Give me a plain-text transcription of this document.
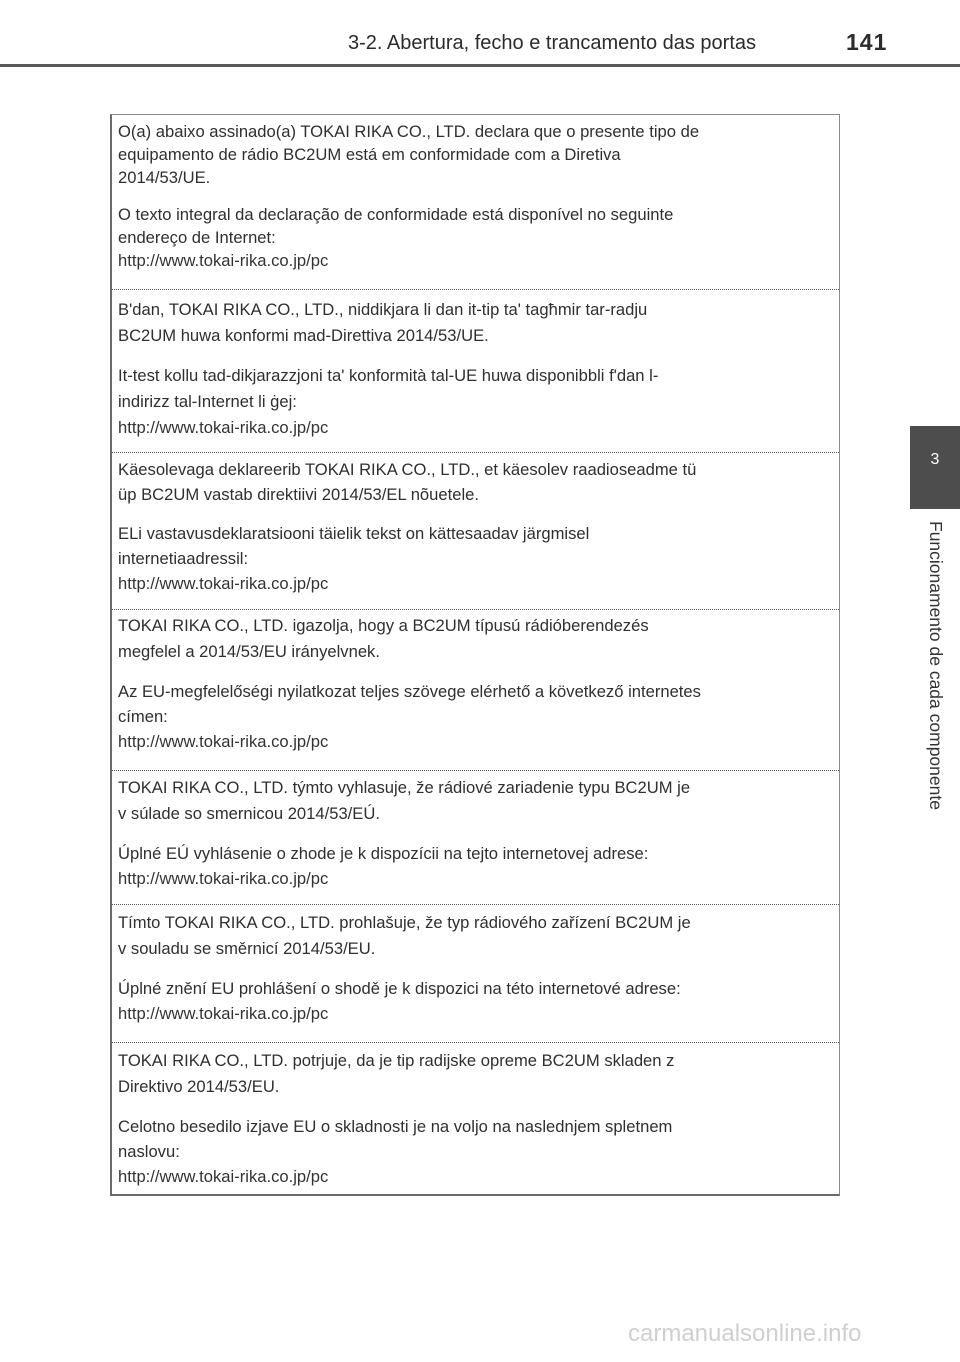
3-2. Abertura, fecho e trancamento das portas	141
3
Funcionamento de cada componente
O(a) abaixo assinado(a) TOKAI RIKA CO., LTD. declara que o presente tipo de
equipamento de rádio BC2UM está em conformidade com a Diretiva
2014/53/UE.
O texto integral da declaração de conformidade está disponível no seguinte
endereço de Internet:
http://www.tokai-rika.co.jp/pc
B'dan, TOKAI RIKA CO., LTD., niddikjara li dan it-tip ta' tagħmir tar-radju
BC2UM huwa konformi mad-Direttiva 2014/53/UE.
It-test kollu tad-dikjarazzjoni ta' konformità tal-UE huwa disponibbli f'dan l-
indirizz tal-Internet li ġej:
http://www.tokai-rika.co.jp/pc
Käesolevaga deklareerib TOKAI RIKA CO., LTD., et käesolev raadioseadme tü
üp BC2UM vastab direktiivi 2014/53/EL nõuetele.
ELi vastavusdeklaratsiooni täielik tekst on kättesaadav järgmisel
internetiaadressil:
http://www.tokai-rika.co.jp/pc
TOKAI RIKA CO., LTD. igazolja, hogy a BC2UM típusú rádióberendezés
megfelel a 2014/53/EU irányelvnek.
Az EU-megfelelőségi nyilatkozat teljes szövege elérhető a következő internetes
címen:
http://www.tokai-rika.co.jp/pc
TOKAI RIKA CO., LTD. týmto vyhlasuje, že rádiové zariadenie typu BC2UM je
v súlade so smernicou 2014/53/EÚ.
Úplné EÚ vyhlásenie o zhode je k dispozícii na tejto internetovej adrese:
http://www.tokai-rika.co.jp/pc
Tímto TOKAI RIKA CO., LTD. prohlašuje, že typ rádiového zařízení BC2UM je
v souladu se směrnicí 2014/53/EU.
Úplné znění EU prohlášení o shodě je k dispozici na této internetové adrese:
http://www.tokai-rika.co.jp/pc
TOKAI RIKA CO., LTD. potrjuje, da je tip radijske opreme BC2UM skladen z
Direktivo 2014/53/EU.
Celotno besedilo izjave EU o skladnosti je na voljo na naslednjem spletnem
naslovu:
http://www.tokai-rika.co.jp/pc
carmanualsonline.info
